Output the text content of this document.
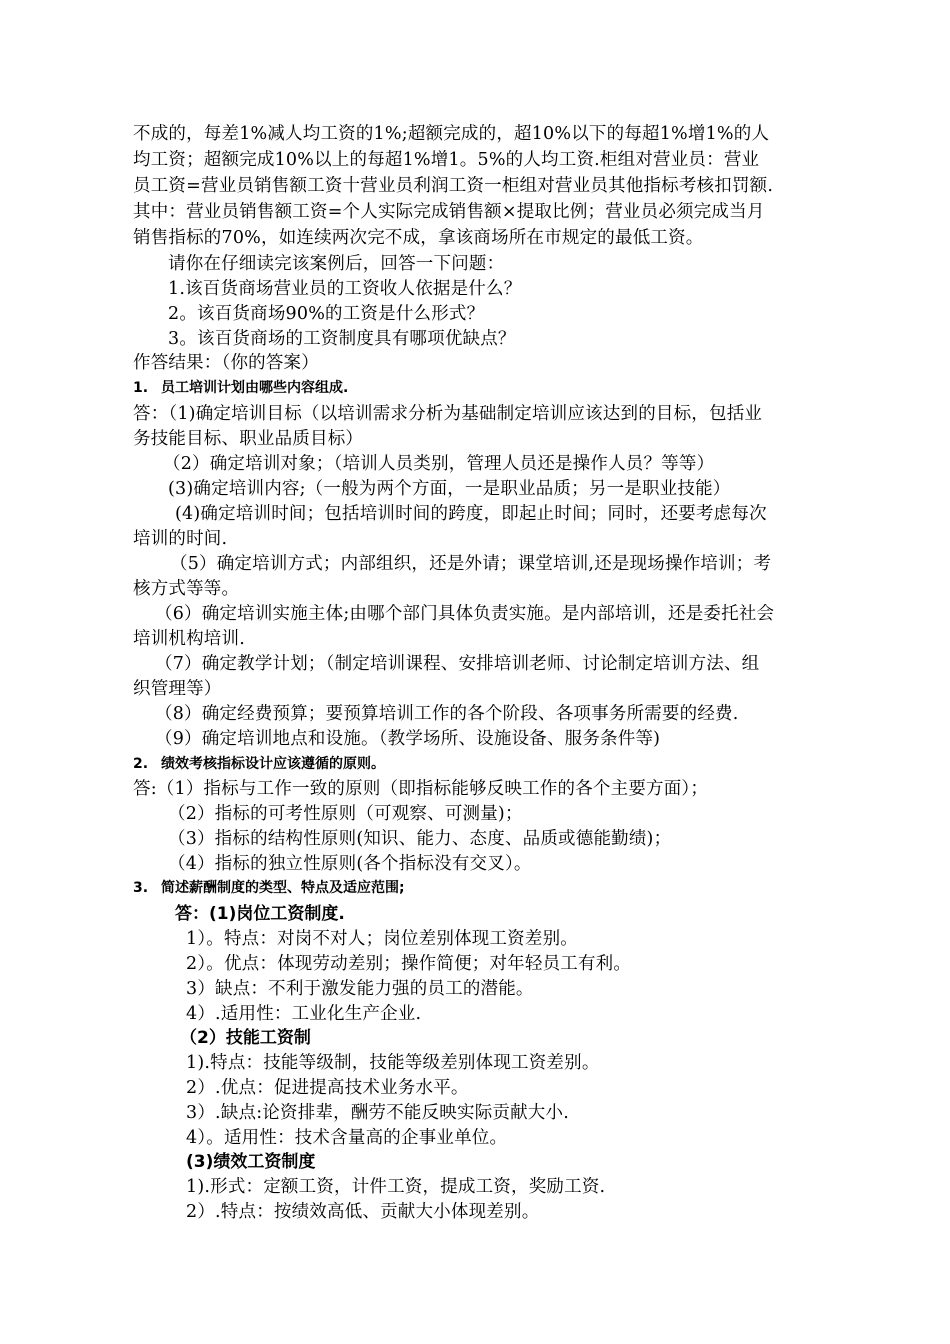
不成的，每差1%减人均工资的1%;超额完成的，超10%以下的每超1%增1%的人
均工资；超额完成10%以上的每超1%增1。5%的人均工资.柜组对营业员：营业
员工资=营业员销售额工资十营业员利润工资一柜组对营业员其他指标考核扣罚额.
其中：营业员销售额工资=个人实际完成销售额×提取比例；营业员必须完成当月
销售指标的70%，如连续两次完不成，拿该商场所在市规定的最低工资。
请你在仔细读完该案例后，回答一下问题：
1.该百货商场营业员的工资收人依据是什么？
2。该百货商场90%的工资是什么形式？
3。该百货商场的工资制度具有哪项优缺点？
作答结果：（你的答案）
1. 员工培训计划由哪些内容组成.
答：（1)确定培训目标（以培训需求分析为基础制定培训应该达到的目标，包括业
务技能目标、职业品质目标）
（2）确定培训对象；（培训人员类别，管理人员还是操作人员？等等）
(3)确定培训内容;（一般为两个方面，一是职业品质；另一是职业技能）
(4)确定培训时间；包括培训时间的跨度，即起止时间；同时，还要考虑每次
培训的时间.
（5）确定培训方式；内部组织，还是外请；课堂培训,还是现场操作培训；考
核方式等等。
（6）确定培训实施主体;由哪个部门具体负责实施。是内部培训，还是委托社会
培训机构培训.
（7）确定教学计划；（制定培训课程、安排培训老师、讨论制定培训方法、组
织管理等）
（8）确定经费预算；要预算培训工作的各个阶段、各项事务所需要的经费.
（9）确定培训地点和设施。（教学场所、设施设备、服务条件等)
2. 绩效考核指标设计应该遵循的原则。
答:（1）指标与工作一致的原则（即指标能够反映工作的各个主要方面）；
（2）指标的可考性原则（可观察、可测量)；
（3）指标的结构性原则(知识、能力、态度、品质或德能勤绩)；
（4）指标的独立性原则(各个指标没有交叉）。
3. 简述薪酬制度的类型、特点及适应范围;
答：(1)岗位工资制度.
1）。特点：对岗不对人；岗位差别体现工资差别。
2）。优点：体现劳动差别；操作简便；对年轻员工有利。
3）缺点：不利于激发能力强的员工的潜能。
4）.适用性：工业化生产企业.
（2）技能工资制
1).特点：技能等级制，技能等级差别体现工资差别。
2）.优点：促进提高技术业务水平。
3）.缺点:论资排辈，酬劳不能反映实际贡献大小.
4）。适用性：技术含量高的企事业单位。
(3)绩效工资制度
1).形式：定额工资，计件工资，提成工资，奖励工资.
2）.特点：按绩效高低、贡献大小体现差别。
